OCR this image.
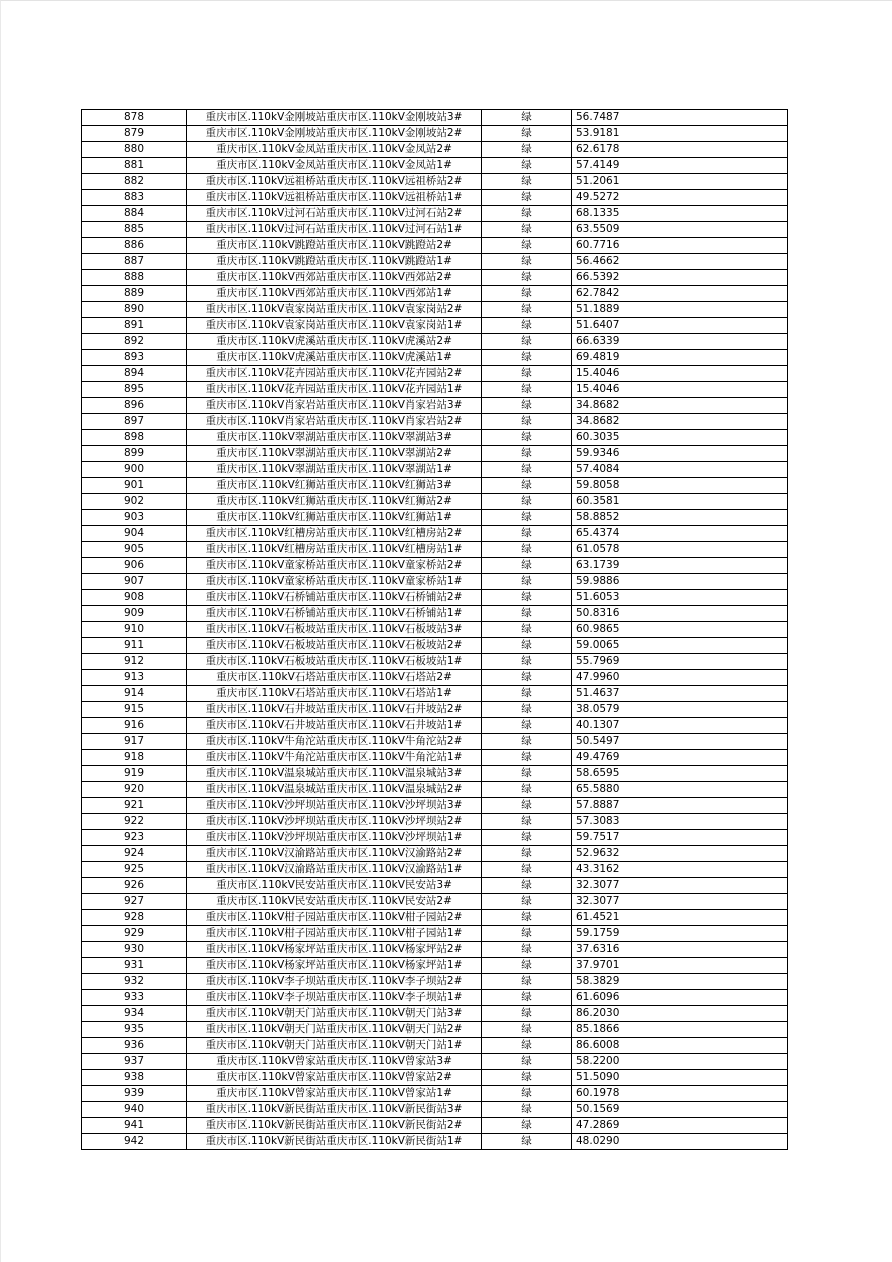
878	重庆市区.110kV金刚坡站重庆市区.110kV金刚坡站3#	绿	56.7487
879	重庆市区.110kV金刚坡站重庆市区.110kV金刚坡站2#	绿	53.9181
880	重庆市区.110kV金凤站重庆市区.110kV金凤站2#	绿	62.6178
881	重庆市区.110kV金凤站重庆市区.110kV金凤站1#	绿	57.4149
882	重庆市区.110kV远祖桥站重庆市区.110kV远祖桥站2#	绿	51.2061
883	重庆市区.110kV远祖桥站重庆市区.110kV远祖桥站1#	绿	49.5272
884	重庆市区.110kV过河石站重庆市区.110kV过河石站2#	绿	68.1335
885	重庆市区.110kV过河石站重庆市区.110kV过河石站1#	绿	63.5509
886	重庆市区.110kV跳蹬站重庆市区.110kV跳蹬站2#	绿	60.7716
887	重庆市区.110kV跳蹬站重庆市区.110kV跳蹬站1#	绿	56.4662
888	重庆市区.110kV西郊站重庆市区.110kV西郊站2#	绿	66.5392
889	重庆市区.110kV西郊站重庆市区.110kV西郊站1#	绿	62.7842
890	重庆市区.110kV袁家岗站重庆市区.110kV袁家岗站2#	绿	51.1889
891	重庆市区.110kV袁家岗站重庆市区.110kV袁家岗站1#	绿	51.6407
892	重庆市区.110kV虎溪站重庆市区.110kV虎溪站2#	绿	66.6339
893	重庆市区.110kV虎溪站重庆市区.110kV虎溪站1#	绿	69.4819
894	重庆市区.110kV花卉园站重庆市区.110kV花卉园站2#	绿	15.4046
895	重庆市区.110kV花卉园站重庆市区.110kV花卉园站1#	绿	15.4046
896	重庆市区.110kV肖家岩站重庆市区.110kV肖家岩站3#	绿	34.8682
897	重庆市区.110kV肖家岩站重庆市区.110kV肖家岩站2#	绿	34.8682
898	重庆市区.110kV翠湖站重庆市区.110kV翠湖站3#	绿	60.3035
899	重庆市区.110kV翠湖站重庆市区.110kV翠湖站2#	绿	59.9346
900	重庆市区.110kV翠湖站重庆市区.110kV翠湖站1#	绿	57.4084
901	重庆市区.110kV红狮站重庆市区.110kV红狮站3#	绿	59.8058
902	重庆市区.110kV红狮站重庆市区.110kV红狮站2#	绿	60.3581
903	重庆市区.110kV红狮站重庆市区.110kV红狮站1#	绿	58.8852
904	重庆市区.110kV红槽房站重庆市区.110kV红槽房站2#	绿	65.4374
905	重庆市区.110kV红槽房站重庆市区.110kV红槽房站1#	绿	61.0578
906	重庆市区.110kV童家桥站重庆市区.110kV童家桥站2#	绿	63.1739
907	重庆市区.110kV童家桥站重庆市区.110kV童家桥站1#	绿	59.9886
908	重庆市区.110kV石桥铺站重庆市区.110kV石桥铺站2#	绿	51.6053
909	重庆市区.110kV石桥铺站重庆市区.110kV石桥铺站1#	绿	50.8316
910	重庆市区.110kV石板坡站重庆市区.110kV石板坡站3#	绿	60.9865
911	重庆市区.110kV石板坡站重庆市区.110kV石板坡站2#	绿	59.0065
912	重庆市区.110kV石板坡站重庆市区.110kV石板坡站1#	绿	55.7969
913	重庆市区.110kV石塔站重庆市区.110kV石塔站2#	绿	47.9960
914	重庆市区.110kV石塔站重庆市区.110kV石塔站1#	绿	51.4637
915	重庆市区.110kV石井坡站重庆市区.110kV石井坡站2#	绿	38.0579
916	重庆市区.110kV石井坡站重庆市区.110kV石井坡站1#	绿	40.1307
917	重庆市区.110kV牛角沱站重庆市区.110kV牛角沱站2#	绿	50.5497
918	重庆市区.110kV牛角沱站重庆市区.110kV牛角沱站1#	绿	49.4769
919	重庆市区.110kV温泉城站重庆市区.110kV温泉城站3#	绿	58.6595
920	重庆市区.110kV温泉城站重庆市区.110kV温泉城站2#	绿	65.5880
921	重庆市区.110kV沙坪坝站重庆市区.110kV沙坪坝站3#	绿	57.8887
922	重庆市区.110kV沙坪坝站重庆市区.110kV沙坪坝站2#	绿	57.3083
923	重庆市区.110kV沙坪坝站重庆市区.110kV沙坪坝站1#	绿	59.7517
924	重庆市区.110kV汉渝路站重庆市区.110kV汉渝路站2#	绿	52.9632
925	重庆市区.110kV汉渝路站重庆市区.110kV汉渝路站1#	绿	43.3162
926	重庆市区.110kV民安站重庆市区.110kV民安站3#	绿	32.3077
927	重庆市区.110kV民安站重庆市区.110kV民安站2#	绿	32.3077
928	重庆市区.110kV柑子园站重庆市区.110kV柑子园站2#	绿	61.4521
929	重庆市区.110kV柑子园站重庆市区.110kV柑子园站1#	绿	59.1759
930	重庆市区.110kV杨家坪站重庆市区.110kV杨家坪站2#	绿	37.6316
931	重庆市区.110kV杨家坪站重庆市区.110kV杨家坪站1#	绿	37.9701
932	重庆市区.110kV李子坝站重庆市区.110kV李子坝站2#	绿	58.3829
933	重庆市区.110kV李子坝站重庆市区.110kV李子坝站1#	绿	61.6096
934	重庆市区.110kV朝天门站重庆市区.110kV朝天门站3#	绿	86.2030
935	重庆市区.110kV朝天门站重庆市区.110kV朝天门站2#	绿	85.1866
936	重庆市区.110kV朝天门站重庆市区.110kV朝天门站1#	绿	86.6008
937	重庆市区.110kV曾家站重庆市区.110kV曾家站3#	绿	58.2200
938	重庆市区.110kV曾家站重庆市区.110kV曾家站2#	绿	51.5090
939	重庆市区.110kV曾家站重庆市区.110kV曾家站1#	绿	60.1978
940	重庆市区.110kV新民街站重庆市区.110kV新民街站3#	绿	50.1569
941	重庆市区.110kV新民街站重庆市区.110kV新民街站2#	绿	47.2869
942	重庆市区.110kV新民街站重庆市区.110kV新民街站1#	绿	48.0290
